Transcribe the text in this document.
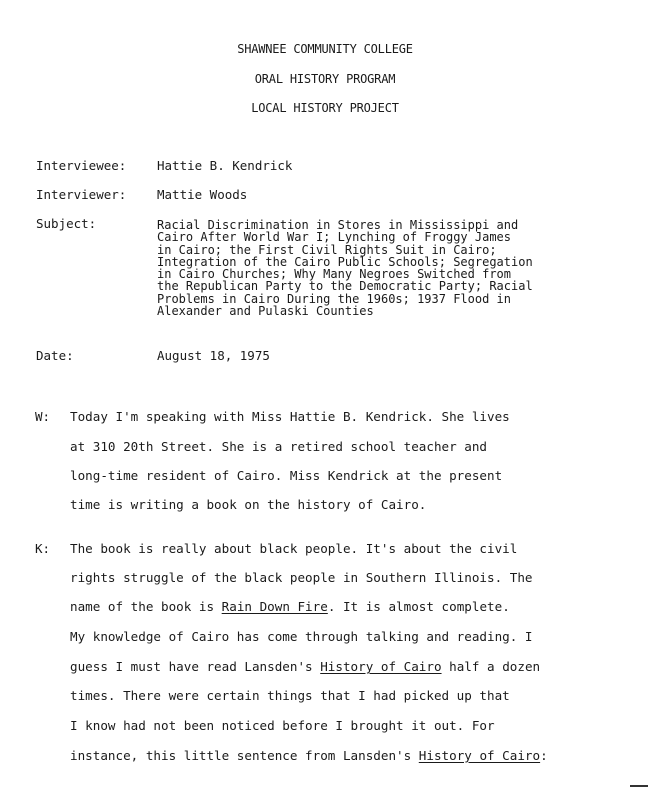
SHAWNEE COMMUNITY COLLEGE
ORAL HISTORY PROGRAM
LOCAL HISTORY PROJECT
Interviewee: Hattie B. Kendrick
Interviewer: Mattie Woods
Subject:	Racial Discrimination in Stores in Mississippi and
Cairo After World War I; Lynching of Froggy James
in Cairo; the First Civil Rights Suit in Cairo;
Integration of the Cairo Public Schools; Segregation
in Cairo Churches; Why Many Negroes Switched from
the Republican Party to the Democratic Party; Racial
Problems in Cairo During the 1960s; 1937 Flood in
Alexander and Pulaski Counties
Date:	August 18, 1975
W: Today I'm speaking with Miss Hattie B. Kendrick. She lives
at 310 20th Street. She is a retired school teacher and
long-time resident of Cairo. Miss Kendrick at the present
time is writing a book on the history of Cairo.
K: The book is really about black people. It's about the civil
rights struggle of the black people in Southern Illinois. The
name of the book is Rain Down Fire. It is almost complete.
My knowledge of Cairo has come through talking and reading. I
guess I must have read Lansden's History of Cairo half a dozen
times. There were certain things that I had picked up that
I know had not been noticed before I brought it out. For
instance, this little sentence from Lansden's History of Cairo:
